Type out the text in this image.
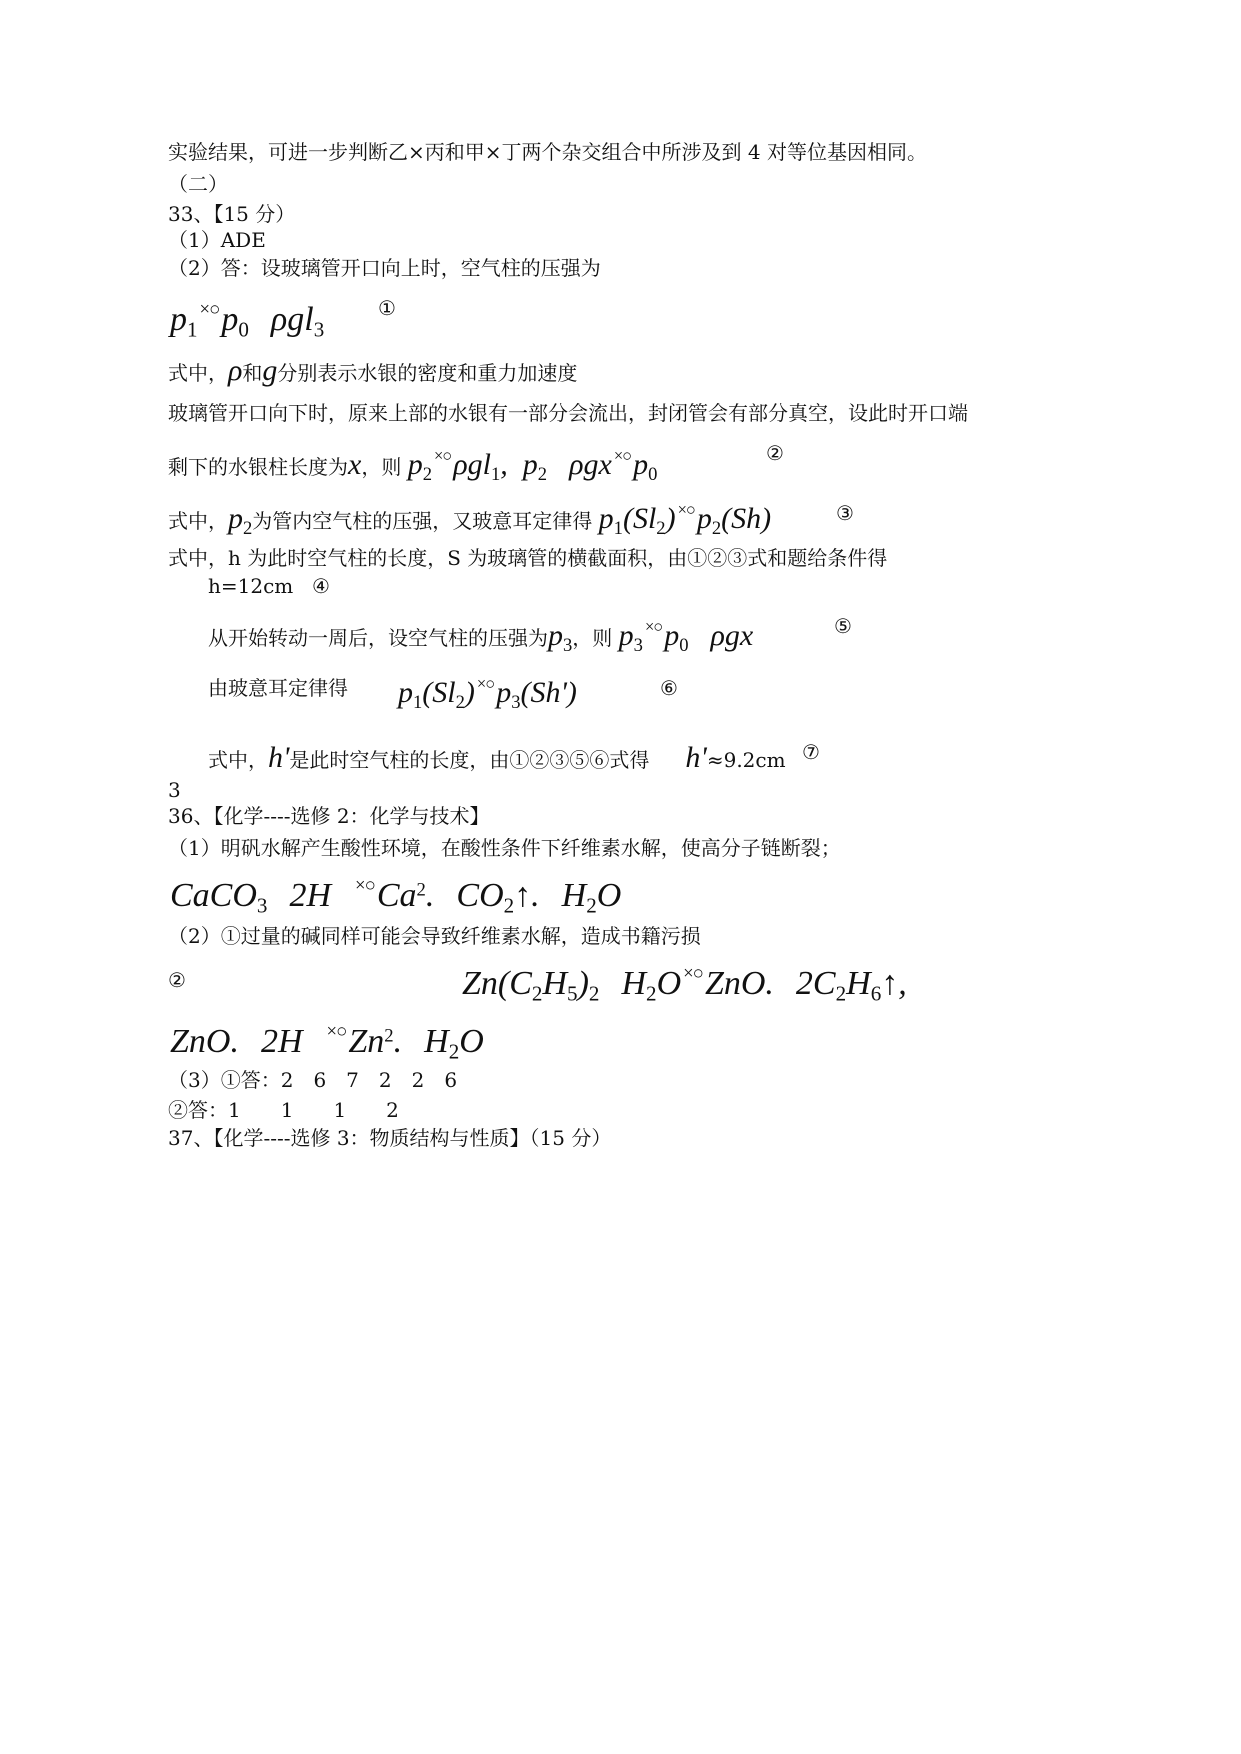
实验结果，可进一步判断乙×丙和甲×丁两个杂交组合中所涉及到 4 对等位基因相同。
（二）
33、【15 分）
（1）ADE
（2）答：设玻璃管开口向上时，空气柱的压强为
$p_1^{\times○}p_0$ ρgl$_3$
①
式中，ρ和g分别表示水银的密度和重力加速度
玻璃管开口向下时，原来上部的水银有一部分会流出，封闭管会有部分真空，设此时开口端
剩下的水银柱长度为x，则 $p_2^{\times○}\rho gl_1$,  $p_2$ ρgx $^{\times○}p_0$
②
式中，$p_2$为管内空气柱的压强，又玻意耳定律得 $p_1(Sl_2)$ $^{\times○}p_2(Sh)$	③
式中，h 为此时空气柱的长度，S 为玻璃管的横截面积，由①②③式和题给条件得
h=12cm ④
从开始转动一周后，设空气柱的压强为$p_3$，则 $p_3^{\times○}p_0$ ρgx	⑤
由玻意耳定律得 $p_1(Sl_2)$ $^{\times○}p_3(Sh')$	⑥
式中，h'是此时空气柱的长度，由①②③⑤⑥式得 h'≈9.2cm ⑦
3
36、【化学----选修 2：化学与技术】
（1）明矾水解产生酸性环境，在酸性条件下纤维素水解，使高分子链断裂；
CaCO$_3$ 2H ×○Ca$^2$. $CO_2↑$. $H_2O$
（2）①过量的碱同样可能会导致纤维素水解，造成书籍污损
②	$Zn(C_2H_5)_2$ $H_2O$ ×○ZnO. $2C_2H_6↑$,
ZnO. 2H ×○Zn$^2$. $H_2O$
（3）①答：2　6　7　2　2　6
②答：1　　1　　1　　2
37、【化学----选修 3：物质结构与性质】（15 分）
